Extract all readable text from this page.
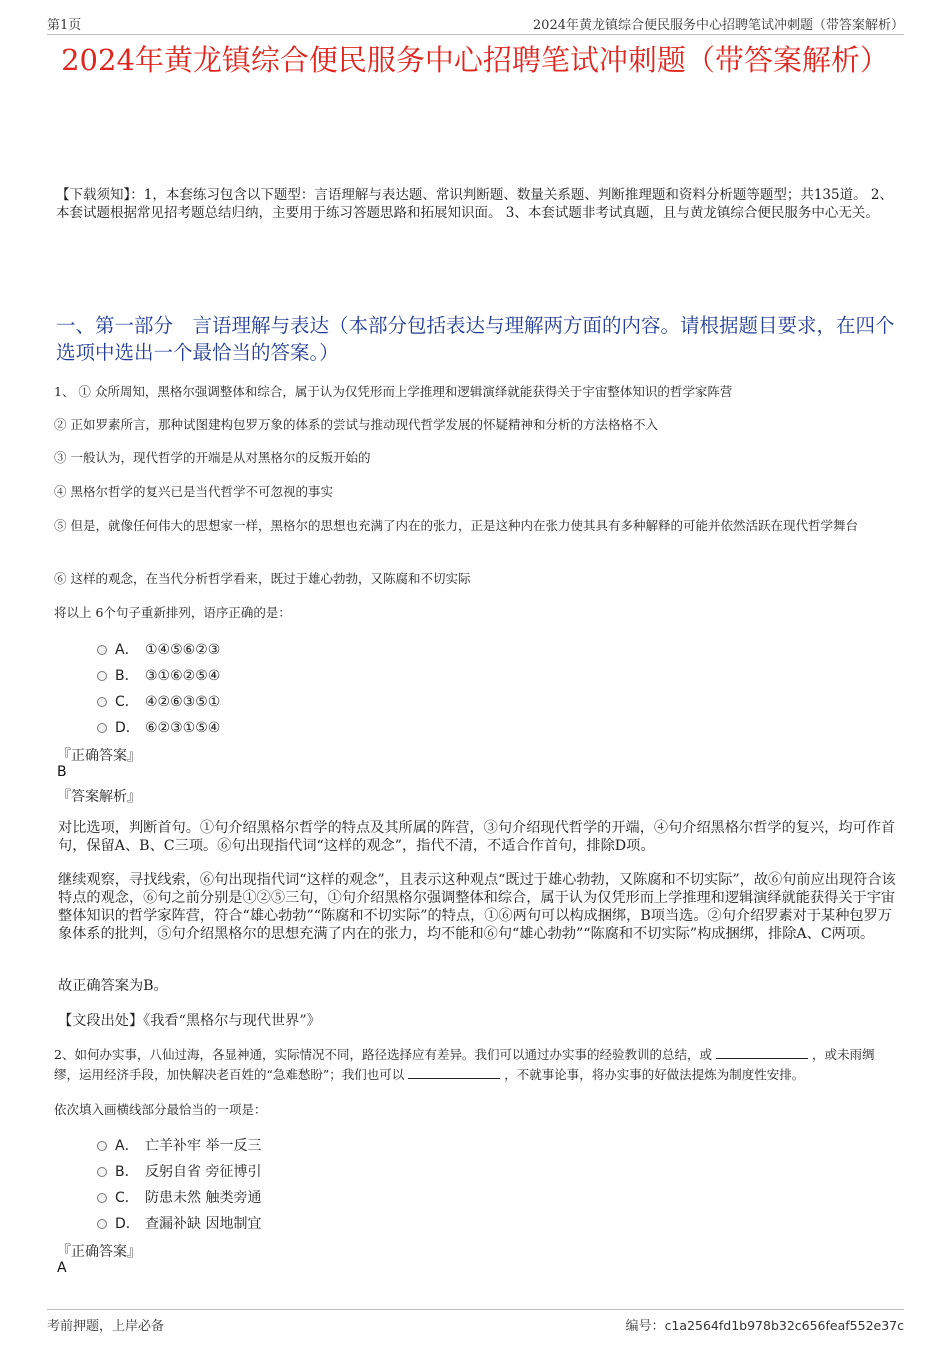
第1页	2024年黄龙镇综合便民服务中心招聘笔试冲刺题（带答案解析）
2024年黄龙镇综合便民服务中心招聘笔试冲刺题（带答案解析）
【下载须知】：1，本套练习包含以下题型：言语理解与表达题、常识判断题、数量关系题、判断推理题和资料分析题等题型；共135道。 2、本套试题根据常见招考题总结归纳，主要用于练习答题思路和拓展知识面。 3、本套试题非考试真题，且与黄龙镇综合便民服务中心无关。
一、第一部分　言语理解与表达（本部分包括表达与理解两方面的内容。请根据题目要求，在四个选项中选出一个最恰当的答案。）
1、 ① 众所周知，黑格尔强调整体和综合，属于认为仅凭形而上学推理和逻辑演绎就能获得关于宇宙整体知识的哲学家阵营
② 正如罗素所言，那种试图建构包罗万象的体系的尝试与推动现代哲学发展的怀疑精神和分析的方法格格不入
③ 一般认为，现代哲学的开端是从对黑格尔的反叛开始的
④ 黑格尔哲学的复兴已是当代哲学不可忽视的事实
⑤ 但是，就像任何伟大的思想家一样，黑格尔的思想也充满了内在的张力，正是这种内在张力使其具有多种解释的可能并依然活跃在现代哲学舞台
⑥ 这样的观念，在当代分析哲学看来，既过于雄心勃勃，又陈腐和不切实际
将以上 6个句子重新排列，语序正确的是：
A． ①④⑤⑥②③
B． ③①⑥②⑤④
C． ④②⑥③⑤①
D． ⑥②③①⑤④
『正确答案』
B
『答案解析』
对比选项，判断首句。①句介绍黑格尔哲学的特点及其所属的阵营，③句介绍现代哲学的开端，④句介绍黑格尔哲学的复兴，均可作首句，保留A、B、C三项。⑥句出现指代词“这样的观念”，指代不清，不适合作首句，排除D项。
继续观察，寻找线索，⑥句出现指代词“这样的观念”，且表示这种观点“既过于雄心勃勃，又陈腐和不切实际”，故⑥句前应出现符合该特点的观念，⑥句之前分别是①②⑤三句，①句介绍黑格尔强调整体和综合，属于认为仅凭形而上学推理和逻辑演绎就能获得关于宇宙整体知识的哲学家阵营，符合“雄心勃勃”“陈腐和不切实际”的特点，①⑥两句可以构成捆绑，B项当选。②句介绍罗素对于某种包罗万象体系的批判，⑤句介绍黑格尔的思想充满了内在的张力，均不能和⑥句“雄心勃勃”“陈腐和不切实际”构成捆绑，排除A、C两项。
故正确答案为B。
【文段出处】《我看“黑格尔与现代世界”》
2、如何办实事，八仙过海，各显神通，实际情况不同，路径选择应有差异。我们可以通过办实事的经验教训的总结，或	，或未雨绸缪，运用经济手段，加快解决老百姓的“急难愁盼”；我们也可以	，不就事论事，将办实事的好做法提炼为制度性安排。
依次填入画横线部分最恰当的一项是：
A． 亡羊补牢 举一反三
B． 反躬自省 旁征博引
C． 防患未然 触类旁通
D． 查漏补缺 因地制宜
『正确答案』
A
考前押题，上岸必备	编号：c1a2564fd1b978b32c656feaf552e37c
